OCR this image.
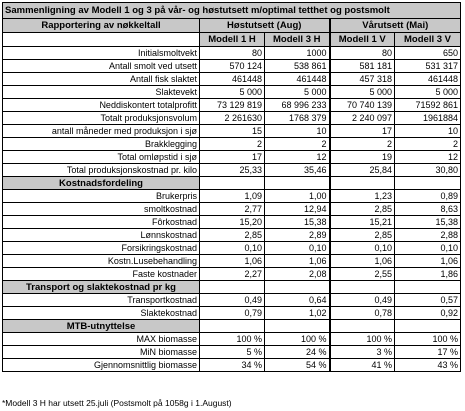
Sammenligning av Modell 1 og 3 på vår- og høstutsett m/optimal tetthet og postsmolt				
Rapportering av nøkkeltall	Høstutsett (Aug)		Vårutsett (Mai)	
	Modell 1 H	Modell 3 H	Modell 1 V	Modell 3 V
Initialsmoltvekt	80	1000	80	650
Antall smolt ved utsett	570 124	538 861	581 181	531 317
Antall fisk slaktet	461448	461448	457 318	461448
Slaktevekt	5 000	5 000	5 000	5 000
Neddiskontert totalprofitt	73 129 819	68 996 233	70 740 139	71592 861
Totalt produksjonsvolum	2 261630	1768 379	2 240 097	1961884
antall måneder med produksjon i sjø	15	10	17	10
Brakklegging	2	2	2	2
Total omløpstid i sjø	17	12	19	12
Total produksjonskostnad pr. kilo	25,33	35,46	25,84	30,80
Kostnadsfordeling				
Brukerpris	1,09	1,00	1,23	0,89
smoltkostnad	2,77	12,94	2,85	8,63
Fôrkostnad	15,20	15,38	15,21	15,38
Lønnskostnad	2,85	2,89	2,85	2,88
Forsikringskostnad	0,10	0,10	0,10	0,10
Kostn.Lusebehandling	1,06	1,06	1,06	1,06
Faste kostnader	2,27	2,08	2,55	1,86
Transport og slaktekostnad pr kg				
Transportkostnad	0,49	0,64	0,49	0,57
Slaktekostnad	0,79	1,02	0,78	0,92
MTB-utnyttelse				
MAX biomasse	100 %	100 %	100 %	100 %
MiN biomasse	5 %	24 %	3 %	17 %
Gjennomsnittlig biomasse	34 %	54 %	41 %	43 %
*Modell 3 H har utsett 25.juli (Postsmolt på 1058g i 1.August)
